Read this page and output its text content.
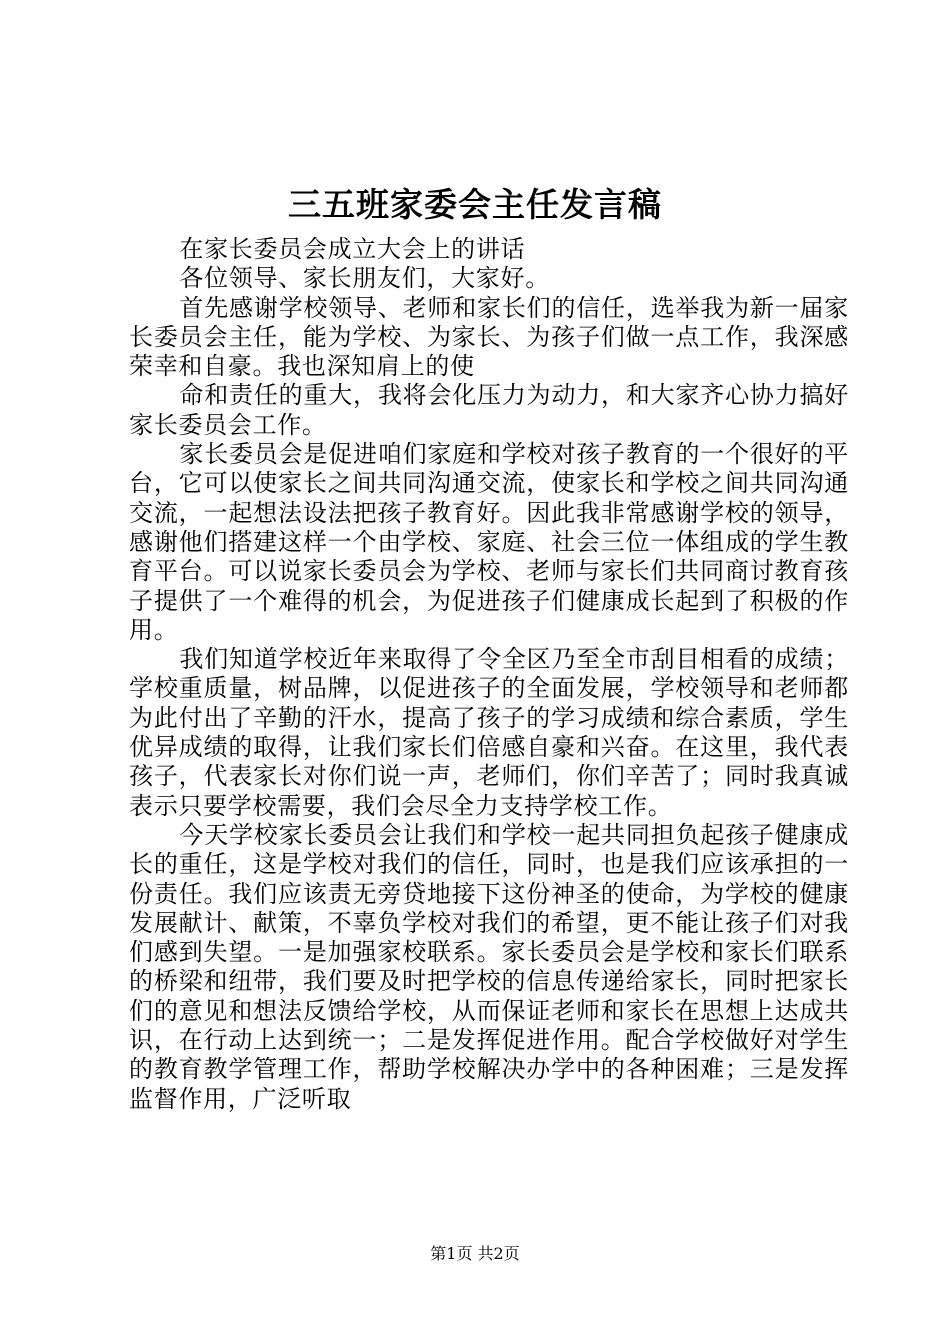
三五班家委会主任发言稿

在家长委员会成立大会上的讲话

各位领导、家长朋友们，大家好。

首先感谢学校领导、老师和家长们的信任，选举我为新一届家长委员会主任，能为学校、为家长、为孩子们做一点工作，我深感荣幸和自豪。我也深知肩上的使

命和责任的重大，我将会化压力为动力，和大家齐心协力搞好家长委员会工作。

家长委员会是促进咱们家庭和学校对孩子教育的一个很好的平台，它可以使家长之间共同沟通交流，使家长和学校之间共同沟通交流，一起想法设法把孩子教育好。因此我非常感谢学校的领导，感谢他们搭建这样一个由学校、家庭、社会三位一体组成的学生教育平台。可以说家长委员会为学校、老师与家长们共同商讨教育孩子提供了一个难得的机会，为促进孩子们健康成长起到了积极的作用。

我们知道学校近年来取得了令全区乃至全市刮目相看的成绩；学校重质量，树品牌，以促进孩子的全面发展，学校领导和老师都为此付出了辛勤的汗水，提高了孩子的学习成绩和综合素质，学生优异成绩的取得，让我们家长们倍感自豪和兴奋。在这里，我代表孩子，代表家长对你们说一声，老师们，你们辛苦了；同时我真诚表示只要学校需要，我们会尽全力支持学校工作。

今天学校家长委员会让我们和学校一起共同担负起孩子健康成长的重任，这是学校对我们的信任，同时，也是我们应该承担的一份责任。我们应该责无旁贷地接下这份神圣的使命，为学校的健康发展献计、献策，不辜负学校对我们的希望，更不能让孩子们对我们感到失望。一是加强家校联系。家长委员会是学校和家长们联系的桥梁和纽带，我们要及时把学校的信息传递给家长，同时把家长们的意见和想法反馈给学校，从而保证老师和家长在思想上达成共识，在行动上达到统一；二是发挥促进作用。配合学校做好对学生的教育教学管理工作，帮助学校解决办学中的各种困难；三是发挥监督作用，广泛听取

第1页 共2页
